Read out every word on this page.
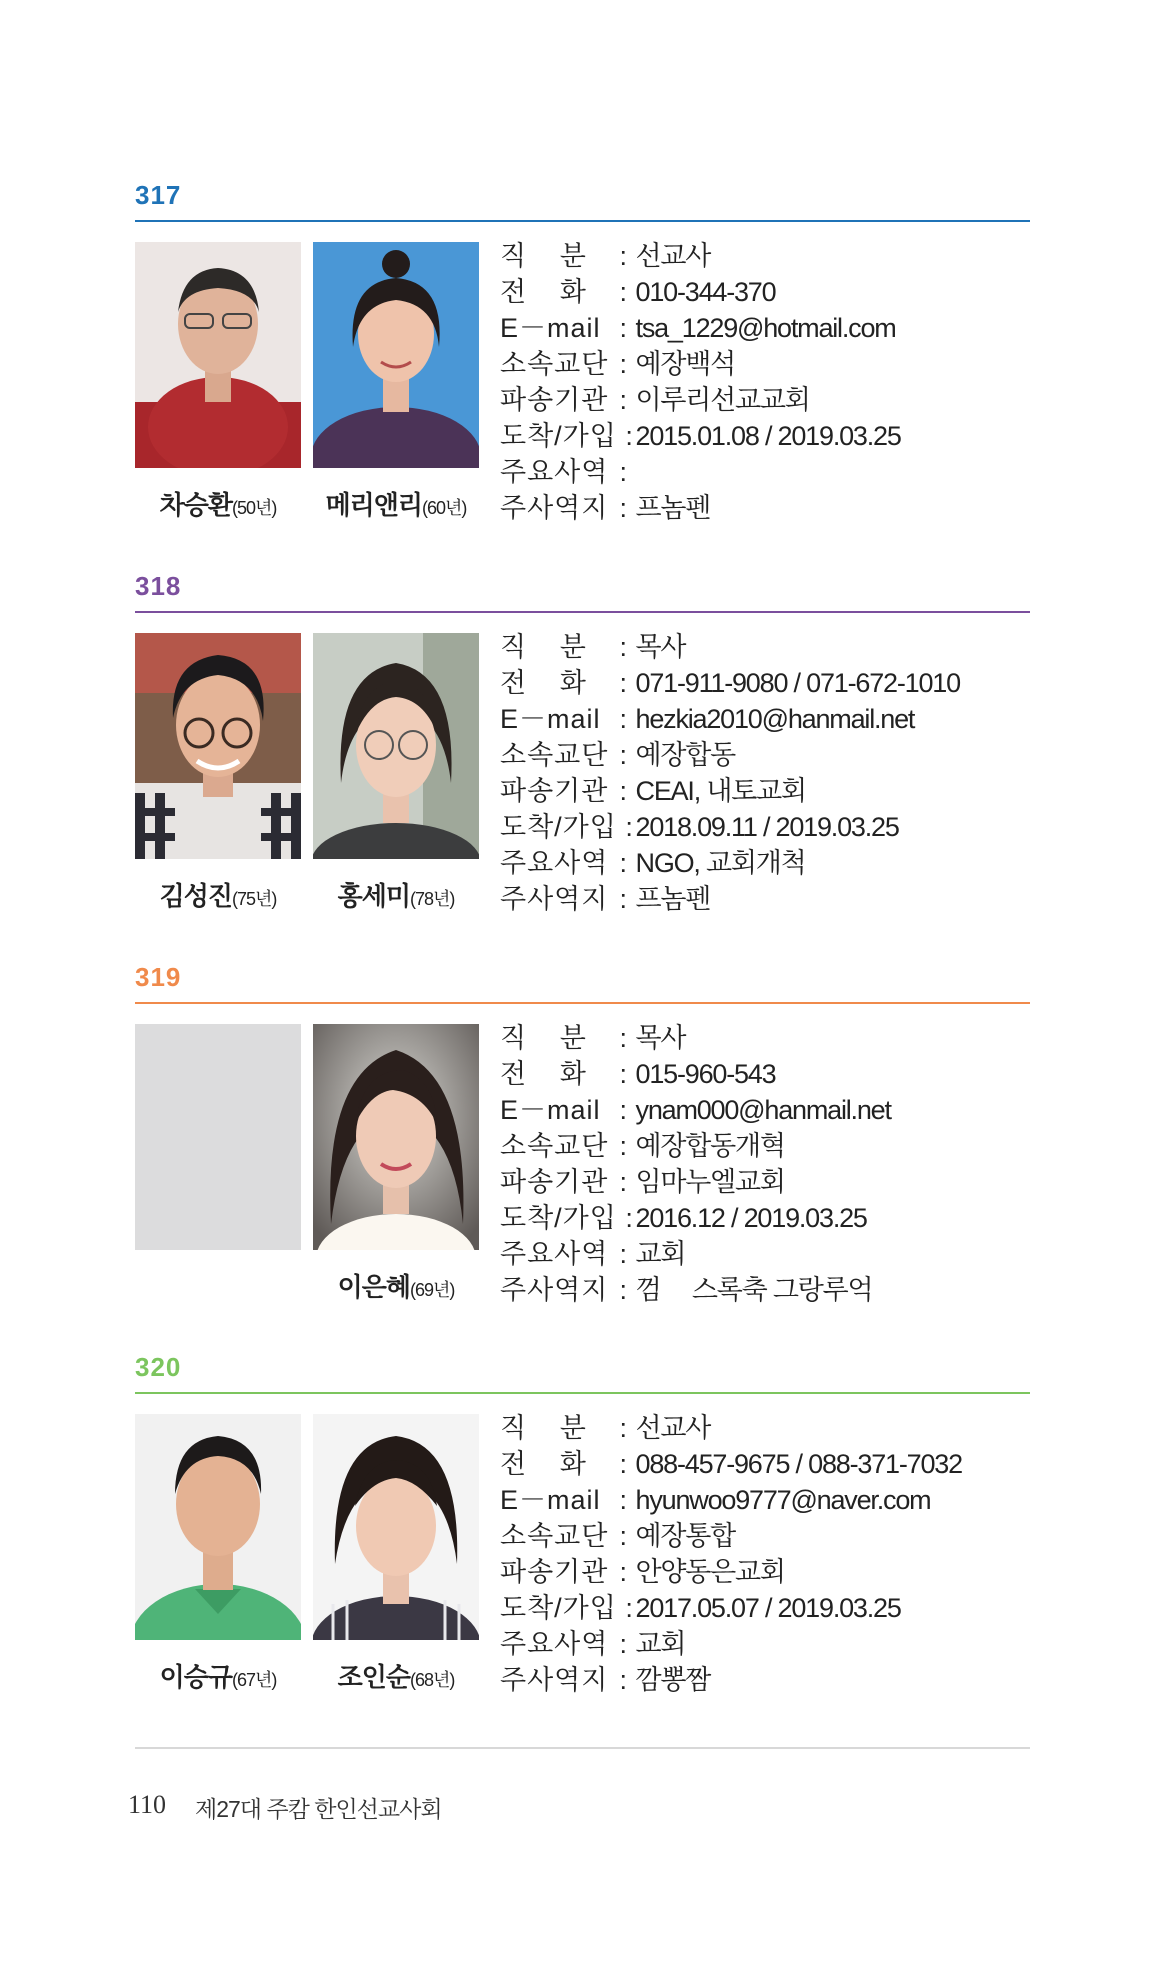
317
차승환(50년)	메리앤리(60년)
직 분 : 선교사
전 화 : 010-344-370
E－mail : tsa_1229@hotmail.com
소속교단 : 예장백석
파송기관 : 이루리선교교회
도착/가입 : 2015.01.08 / 2019.03.25
주요사역 :
주사역지 : 프놈펜
318
김성진(75년)	홍세미(78년)
직 분 : 목사
전 화 : 071-911-9080 / 071-672-1010
E－mail : hezkia2010@hanmail.net
소속교단 : 예장합동
파송기관 : CEAI, 내토교회
도착/가입 : 2018.09.11 / 2019.03.25
주요사역 : NGO, 교회개척
주사역지 : 프놈펜
319
이은혜(69년)
직 분 : 목사
전 화 : 015-960-543
E－mail : ynam000@hanmail.net
소속교단 : 예장합동개혁
파송기관 : 임마누엘교회
도착/가입 : 2016.12 / 2019.03.25
주요사역 : 교회
주사역지 : 껌     스록축 그랑루억
320
이승규(67년)	조인순(68년)
직 분 : 선교사
전 화 : 088-457-9675 / 088-371-7032
E－mail : hyunwoo9777@naver.com
소속교단 : 예장통합
파송기관 : 안양동은교회
도착/가입 : 2017.05.07 / 2019.03.25
주요사역 : 교회
주사역지 : 깜뽕짬
110 제27대 주캄 한인선교사회
